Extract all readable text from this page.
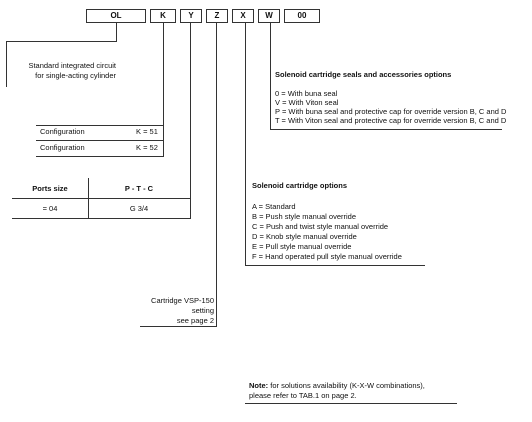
OL	K	Y	Z	X	W	00
Standard integrated circuit
for single-acting cylinder
Configuration	K = 51
Configuration	K = 52
Ports size	P - T - C
= 04	G 3/4
Cartridge VSP-150
setting
see page 2
Solenoid cartridge seals and accessories options
0 = With buna seal
V = With Viton seal
P = With buna seal and protective cap for override version B, C and D
T = With Viton seal and protective cap for override version B, C and D
Solenoid cartridge options
A = Standard
B = Push style manual override
C = Push and twist style manual override
D = Knob style manual override
E = Pull style manual override
F = Hand operated pull style manual override
Note: for solutions availability (K-X-W combinations),
please refer to TAB.1 on page 2.
